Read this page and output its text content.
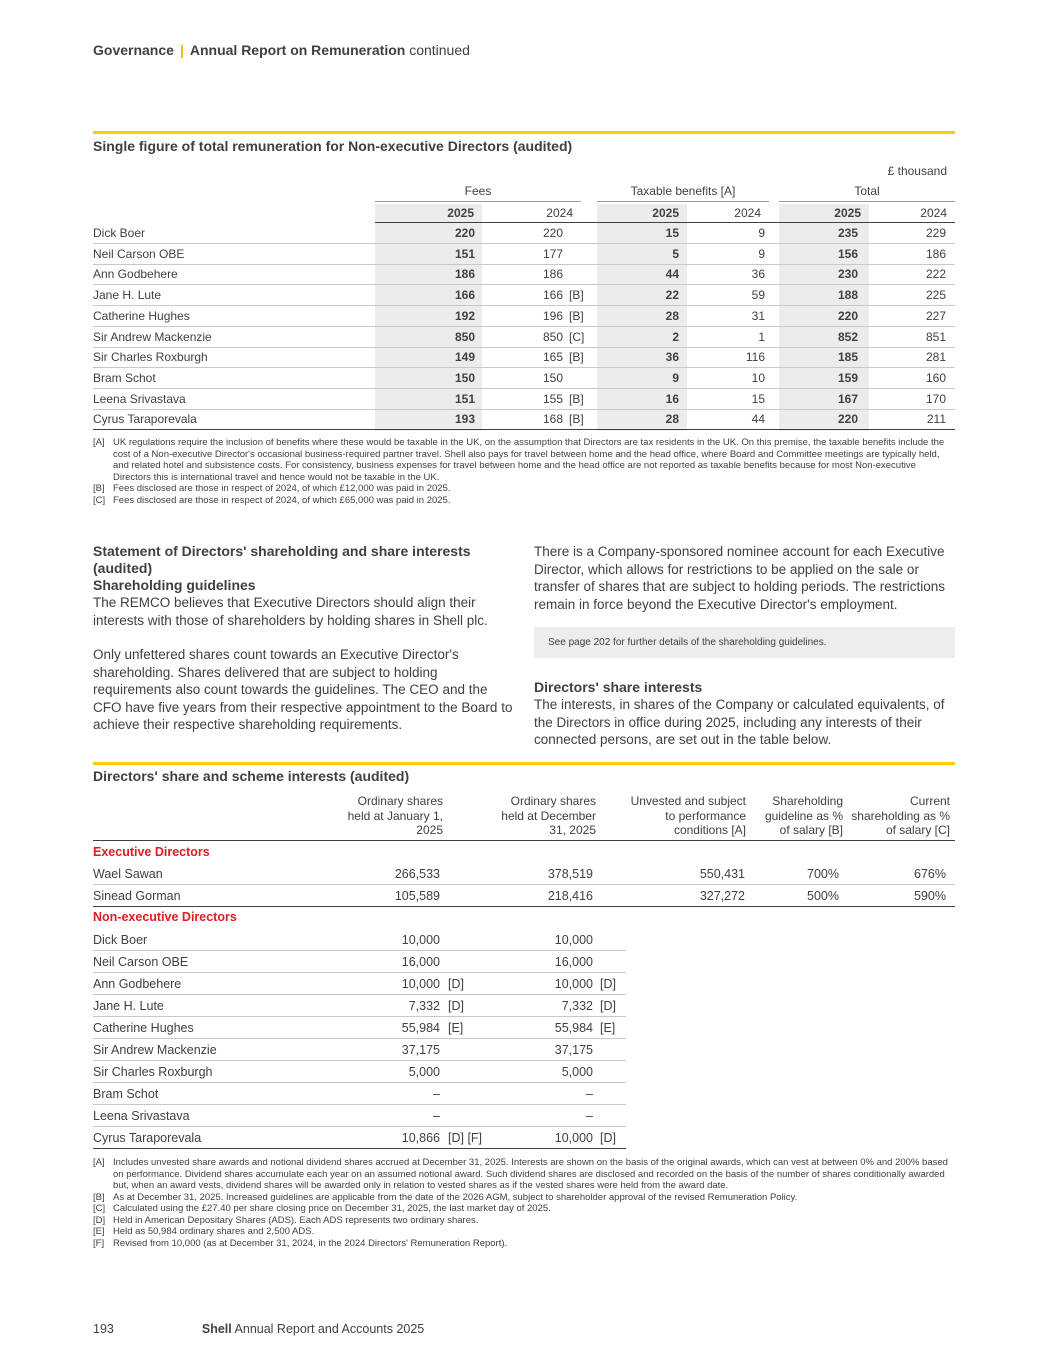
Governance | Annual Report on Remuneration continued
Single figure of total remuneration for Non-executive Directors (audited)
£ thousand
Fees	Taxable benefits [A]	Total
2025	2024	2025	2024	2025	2024
Dick Boer	220	220	15	9	235	229
Neil Carson OBE	151	177	5	9	156	186
Ann Godbehere	186	186	44	36	230	222
Jane H. Lute	166	166 [B]	22	59	188	225
Catherine Hughes	192	196 [B]	28	31	220	227
Sir Andrew Mackenzie	850	850 [C]	2	1	852	851
Sir Charles Roxburgh	149	165 [B]	36	116	185	281
Bram Schot	150	150	9	10	159	160
Leena Srivastava	151	155 [B]	16	15	167	170
Cyrus Taraporevala	193	168 [B]	28	44	220	211
[A] UK regulations require the inclusion of benefits where these would be taxable in the UK, on the assumption that Directors are tax residents in the UK. On this premise, the taxable benefits include the cost of a Non-executive Director's occasional business-required partner travel. Shell also pays for travel between home and the head office, where Board and Committee meetings are typically held, and related hotel and subsistence costs. For consistency, business expenses for travel between home and the head office are not reported as taxable benefits because for most Non-executive Directors this is international travel and hence would not be taxable in the UK.
[B] Fees disclosed are those in respect of 2024, of which £12,000 was paid in 2025.
[C] Fees disclosed are those in respect of 2024, of which £65,000 was paid in 2025.
Statement of Directors' shareholding and share interests (audited)
Shareholding guidelines

The REMCO believes that Executive Directors should align their interests with those of shareholders by holding shares in Shell plc.

Only unfettered shares count towards an Executive Director's shareholding. Shares delivered that are subject to holding requirements also count towards the guidelines. The CEO and the CFO have five years from their respective appointment to the Board to achieve their respective shareholding requirements.

There is a Company-sponsored nominee account for each Executive Director, which allows for restrictions to be applied on the sale or transfer of shares that are subject to holding periods. The restrictions remain in force beyond the Executive Director's employment.

See page 202 for further details of the shareholding guidelines.
Directors' share interests

The interests, in shares of the Company or calculated equivalents, of the Directors in office during 2025, including any interests of their connected persons, are set out in the table below.

Directors' share and scheme interests (audited)
Ordinary shares held at January 1, 2025
Ordinary shares held at December 31, 2025
Unvested and subject to performance conditions [A]
Shareholding guideline as % of salary [B]
Current shareholding as % of salary [C]
Executive Directors
Wael Sawan	266,533	378,519	550,431	700%	676%
Sinead Gorman	105,589	218,416	327,272	500%	590%
Non-executive Directors
Dick Boer	10,000	10,000
Neil Carson OBE	16,000	16,000
Ann Godbehere	10,000 [D]	10,000 [D]
Jane H. Lute	7,332 [D]	7,332 [D]
Catherine Hughes	55,984 [E]	55,984 [E]
Sir Andrew Mackenzie	37,175	37,175
Sir Charles Roxburgh	5,000	5,000
Bram Schot	–	–
Leena Srivastava	–	–
Cyrus Taraporevala	10,866 [D] [F]	10,000 [D]
[A] Includes unvested share awards and notional dividend shares accrued at December 31, 2025. Interests are shown on the basis of the original awards, which can vest at between 0% and 200% based on performance. Dividend shares accumulate each year on an assumed notional award. Such dividend shares are disclosed and recorded on the basis of the number of shares conditionally awarded but, when an award vests, dividend shares will be awarded only in relation to vested shares as if the vested shares were held from the award date.
[B] As at December 31, 2025. Increased guidelines are applicable from the date of the 2026 AGM, subject to shareholder approval of the revised Remuneration Policy.
[C] Calculated using the £27.40 per share closing price on December 31, 2025, the last market day of 2025.
[D] Held in American Depositary Shares (ADS). Each ADS represents two ordinary shares.
[E] Held as 50,984 ordinary shares and 2,500 ADS.
[F] Revised from 10,000 (as at December 31, 2024, in the 2024 Directors' Remuneration Report).
193	Shell Annual Report and Accounts 2025
